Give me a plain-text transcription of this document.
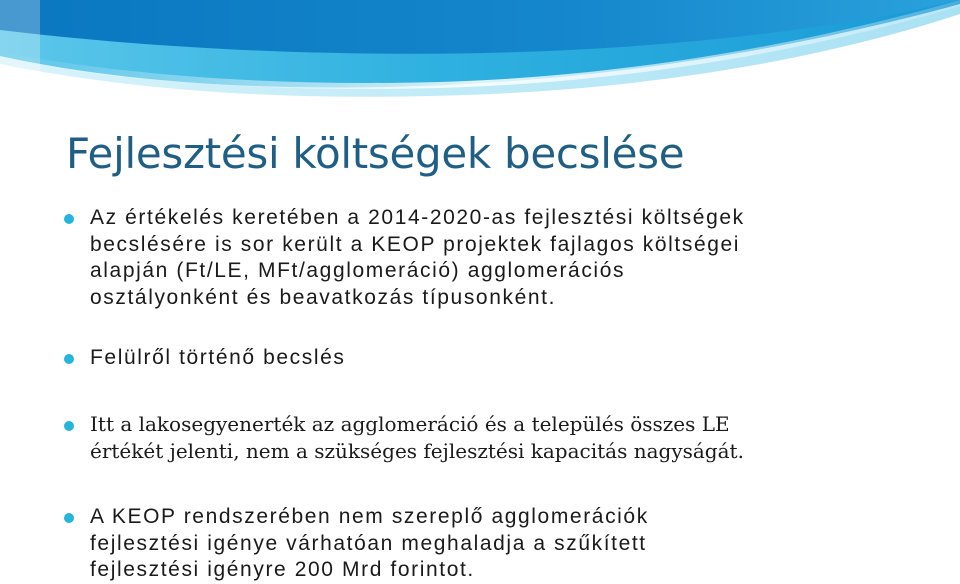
Fejlesztési költségek becslése

Az értékelés keretében a 2014-2020-as fejlesztési költségek
becslésére is sor került a KEOP projektek fajlagos költségei
alapján (Ft/LE, MFt/agglomeráció) agglomerációs
osztályonként és beavatkozás típusonként.

Felülről történő becslés

Itt a lakosegyenerték az agglomeráció és a település összes LE
értékét jelenti, nem a szükséges fejlesztési kapacitás nagyságát.

A KEOP rendszerében nem szereplő agglomerációk
fejlesztési igénye várhatóan meghaladja a szűkített
fejlesztési igényre 200 Mrd forintot.
